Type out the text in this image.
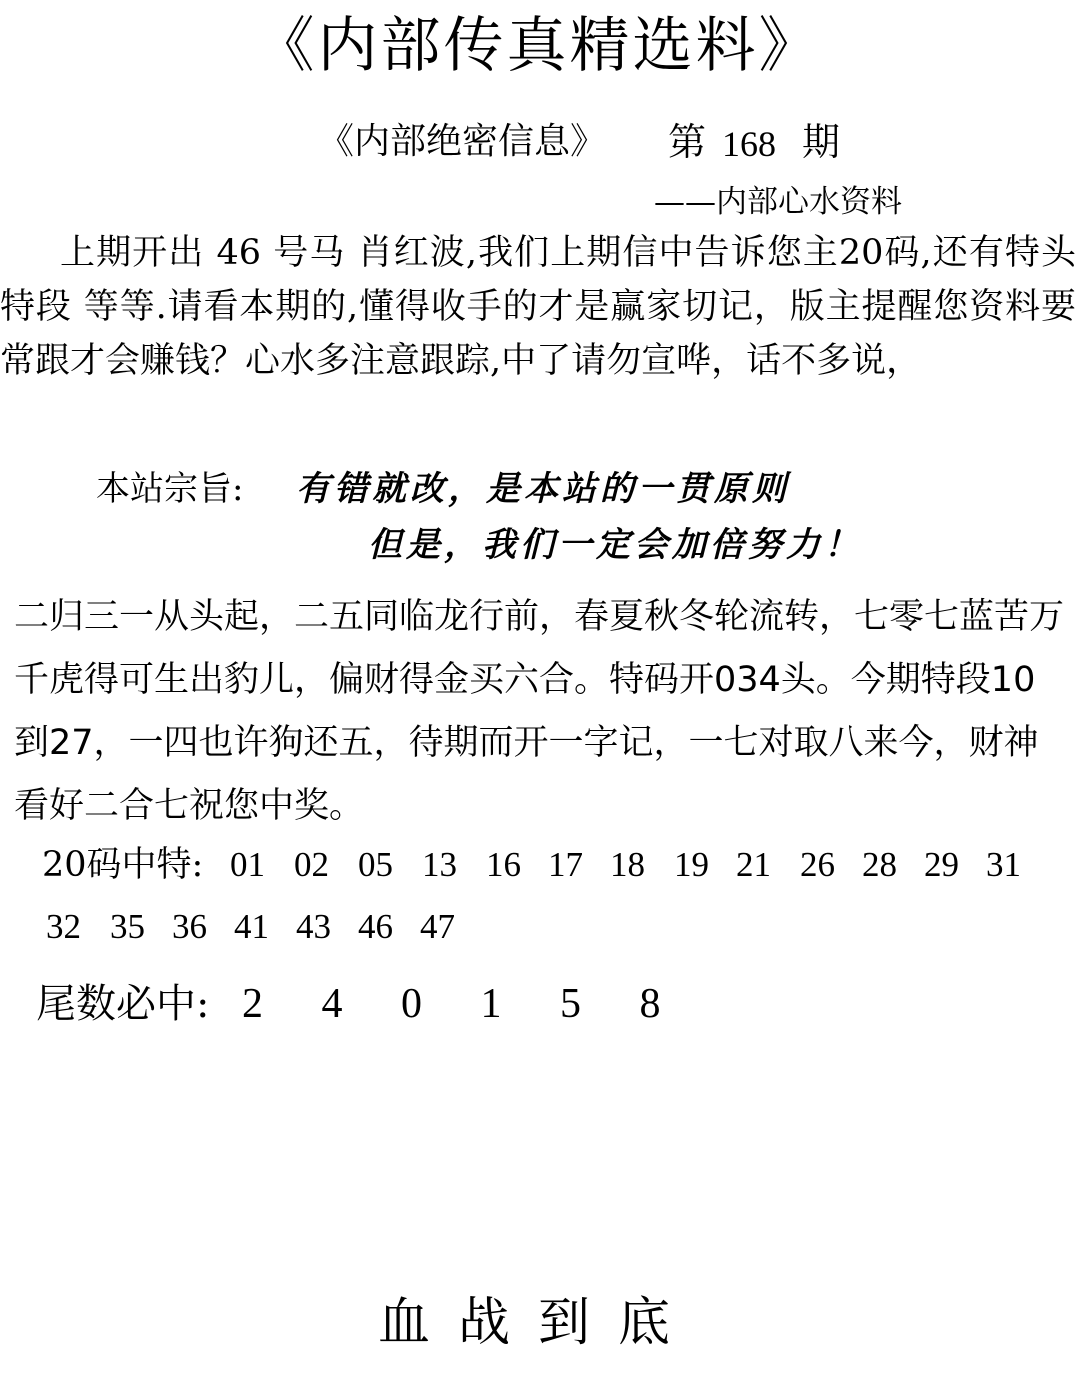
《内部传真精选料》
《内部绝密信息》 第 168 期
——内部心水资料
上期开出 46 号马 肖红波,我们上期信中告诉您主20码,还有特头 特段 等等.请看本期的,懂得收手的才是赢家切记，版主提醒您资料要常跟才会赚钱？心水多注意跟踪,中了请勿宣哗，话不多说，
本站宗旨: 有错就改，是本站的一贯原则
但是，我们一定会加倍努力！
二归三一从头起，二五同临龙行前，春夏秋冬轮流转，七零七蓝苦万千虎得可生出豹儿，偏财得金买六合。特码开034头。今期特段10到27，一四也许狗还五，待期而开一字记，一七对取八来今，财神看好二合七祝您中奖。
20码中特: 01 02 05 13 16 17 18 19 21 26 28 29 31
32 35 36 41 43 46 47
尾数必中: 2 4 0 1 5 8
血战到底
